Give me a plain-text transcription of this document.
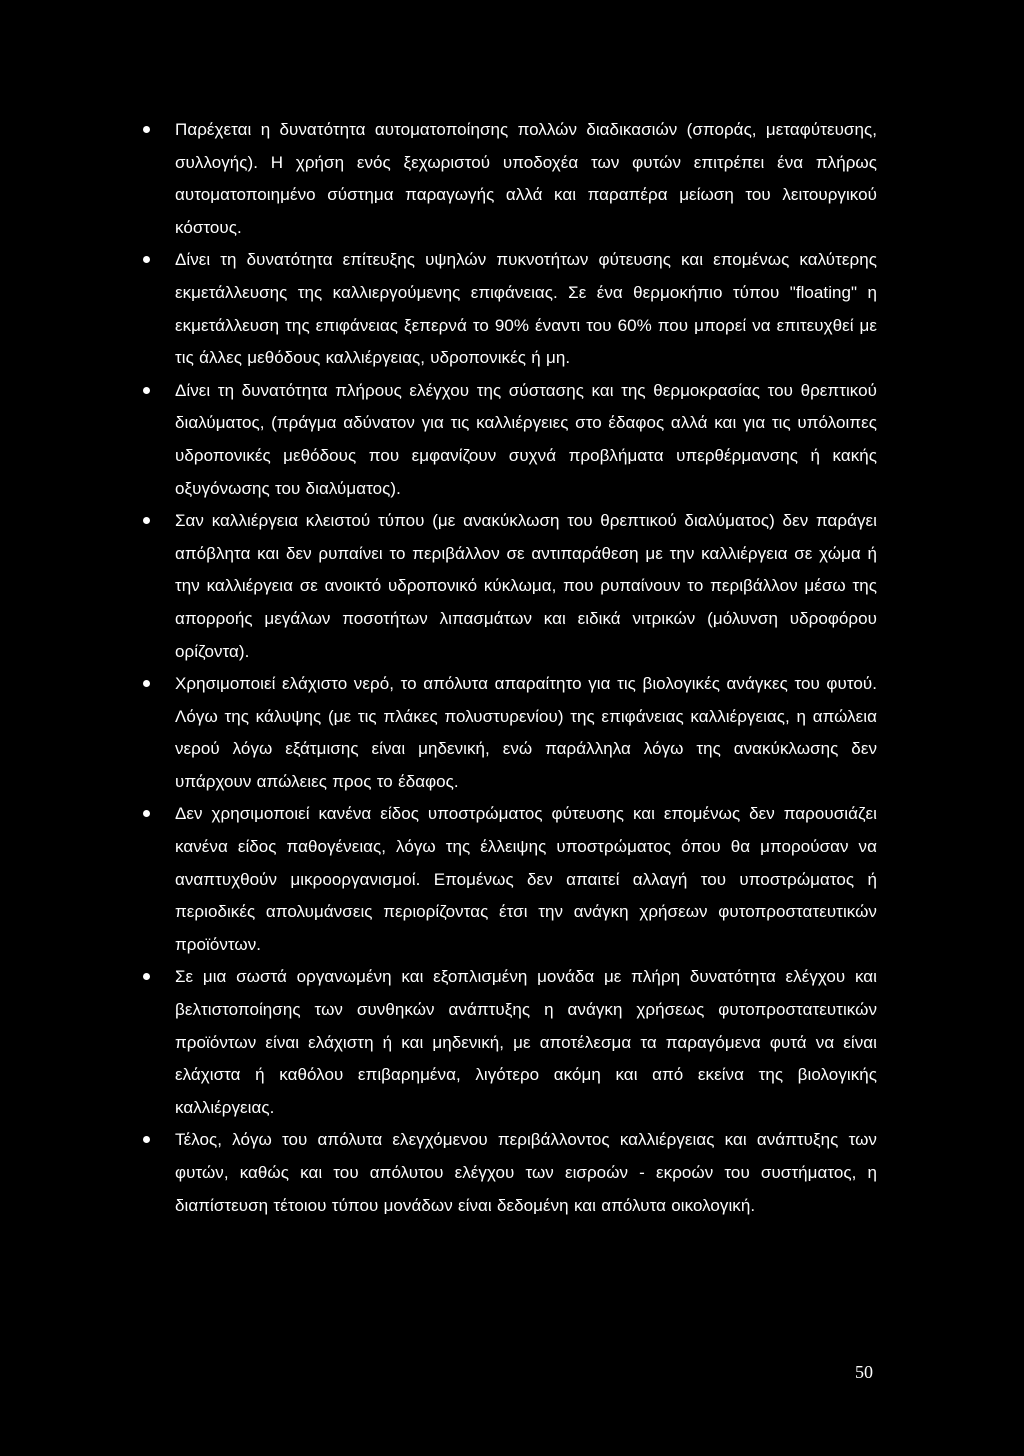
Παρέχεται η δυνατότητα αυτοματοποίησης πολλών διαδικασιών (σποράς, μεταφύτευσης, συλλογής). Η χρήση ενός ξεχωριστού υποδοχέα των φυτών επιτρέπει ένα πλήρως αυτοματοποιημένο σύστημα παραγωγής αλλά και παραπέρα μείωση του λειτουργικού κόστους.
Δίνει τη δυνατότητα επίτευξης υψηλών πυκνοτήτων φύτευσης και επομένως καλύτερης εκμετάλλευσης της καλλιεργούμενης επιφάνειας. Σε ένα θερμοκήπιο τύπου "floating" η εκμετάλλευση της επιφάνειας ξεπερνά το 90% έναντι του 60% που μπορεί να επιτευχθεί με τις άλλες μεθόδους καλλιέργειας, υδροπονικές ή μη.
Δίνει τη δυνατότητα πλήρους ελέγχου της σύστασης και της θερμοκρασίας του θρεπτικού διαλύματος, (πράγμα αδύνατον για τις καλλιέργειες στο έδαφος αλλά και για τις υπόλοιπες υδροπονικές μεθόδους που εμφανίζουν συχνά προβλήματα υπερθέρμανσης ή κακής οξυγόνωσης του διαλύματος).
Σαν καλλιέργεια κλειστού τύπου (με ανακύκλωση του θρεπτικού διαλύματος) δεν παράγει απόβλητα και δεν ρυπαίνει το περιβάλλον σε αντιπαράθεση με την καλλιέργεια σε χώμα ή την καλλιέργεια σε ανοικτό υδροπονικό κύκλωμα, που ρυπαίνουν το περιβάλλον μέσω της απορροής μεγάλων ποσοτήτων λιπασμάτων και ειδικά νιτρικών (μόλυνση υδροφόρου ορίζοντα).
Χρησιμοποιεί ελάχιστο νερό, το απόλυτα απαραίτητο για τις βιολογικές ανάγκες του φυτού. Λόγω της κάλυψης (με τις πλάκες πολυστυρενίου) της επιφάνειας καλλιέργειας, η απώλεια νερού λόγω εξάτμισης είναι μηδενική, ενώ παράλληλα λόγω της ανακύκλωσης δεν υπάρχουν απώλειες προς το έδαφος.
Δεν χρησιμοποιεί κανένα είδος υποστρώματος φύτευσης και επομένως δεν παρουσιάζει κανένα είδος παθογένειας, λόγω της έλλειψης υποστρώματος όπου θα μπορούσαν να αναπτυχθούν μικροοργανισμοί. Επομένως δεν απαιτεί αλλαγή του υποστρώματος ή περιοδικές απολυμάνσεις περιορίζοντας έτσι την ανάγκη χρήσεων φυτοπροστατευτικών προϊόντων.
Σε μια σωστά οργανωμένη και εξοπλισμένη μονάδα με πλήρη δυνατότητα ελέγχου και βελτιστοποίησης των συνθηκών ανάπτυξης η ανάγκη χρήσεως φυτοπροστατευτικών προϊόντων είναι ελάχιστη ή και μηδενική, με αποτέλεσμα τα παραγόμενα φυτά να είναι ελάχιστα ή καθόλου επιβαρημένα, λιγότερο ακόμη και από εκείνα της βιολογικής καλλιέργειας.
Τέλος, λόγω του απόλυτα ελεγχόμενου περιβάλλοντος καλλιέργειας και ανάπτυξης των φυτών, καθώς και του απόλυτου ελέγχου των εισροών - εκροών του συστήματος, η διαπίστευση τέτοιου τύπου μονάδων είναι δεδομένη και απόλυτα οικολογική.
50
